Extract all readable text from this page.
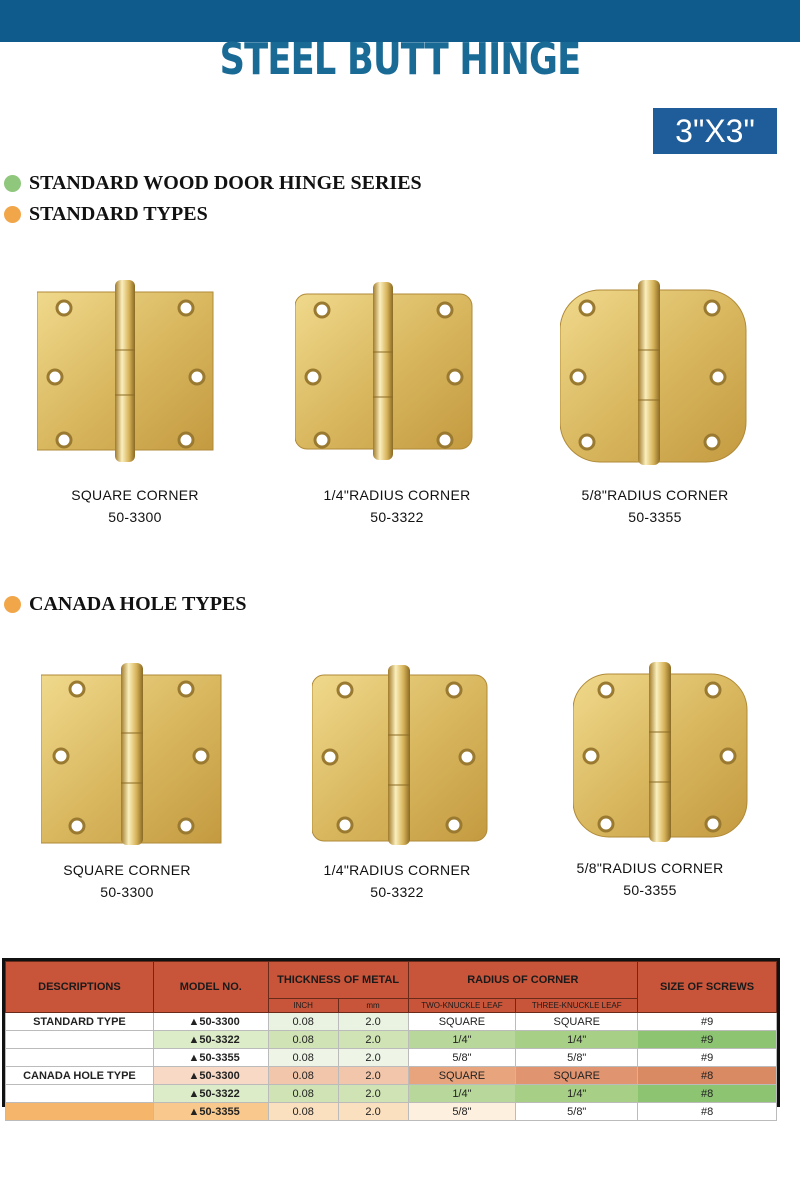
STEEL BUTT HINGE
3"X3"
STANDARD WOOD DOOR HINGE SERIES
STANDARD TYPES
SQUARE CORNER
50-3300
1/4"RADIUS CORNER
50-3322
5/8"RADIUS CORNER
50-3355
CANADA HOLE TYPES
SQUARE CORNER
50-3300
1/4"RADIUS CORNER
50-3322
5/8"RADIUS CORNER
50-3355
DESCRIPTIONS	MODEL NO.	THICKNESS OF METAL		RADIUS OF CORNER		SIZE OF SCREWS
		INCH	mm	TWO-KNUCKLE LEAF	THREE-KNUCKLE LEAF	
STANDARD TYPE	▲50-3300	0.08	2.0	SQUARE	SQUARE	#9
	▲50-3322	0.08	2.0	1/4"	1/4"	#9
	▲50-3355	0.08	2.0	5/8"	5/8"	#9
CANADA HOLE TYPE	▲50-3300	0.08	2.0	SQUARE	SQUARE	#8
	▲50-3322	0.08	2.0	1/4"	1/4"	#8
	▲50-3355	0.08	2.0	5/8"	5/8"	#8
